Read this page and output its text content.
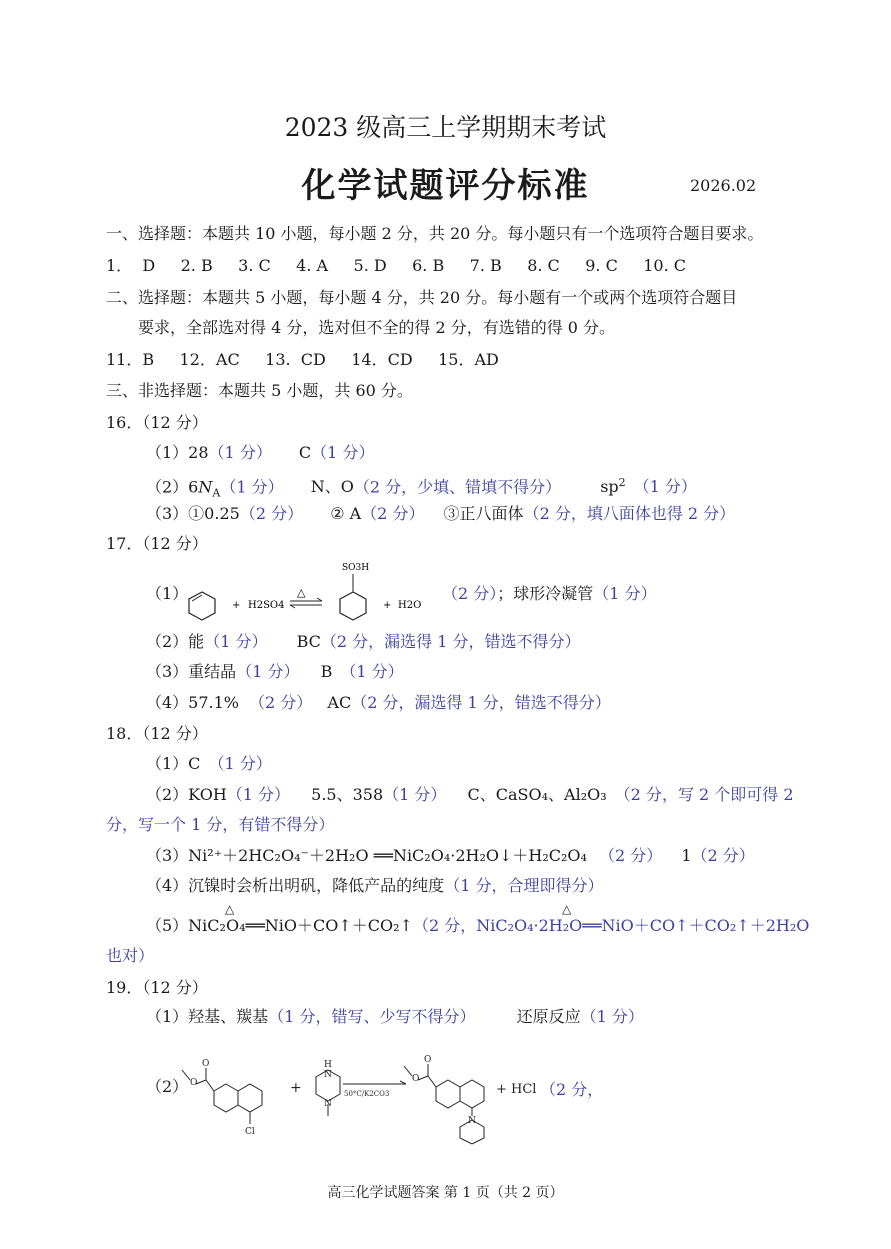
2023 级高三上学期期末考试
化学试题评分标准	2026.02
一、选择题：本题共 10 小题，每小题 2 分，共 20 分。每小题只有一个选项符合题目要求。
1．  D     2. B     3. C     4. A     5. D     6. B     7. B     8. C     9. C     10. C
二、选择题：本题共 5 小题，每小题 4 分，共 20 分。每小题有一个或两个选项符合题目
要求，全部选对得 4 分，选对但不全的得 2 分，有选错的得 0 分。
11．B     12．AC     13.  CD     14．CD     15．AD
三、非选择题：本题共 5 小题，共 60 分。
16．（12 分）
（1）28（1 分） C（1 分）
$(2)6N_A(1$ 分） N、O（2 分，少填、错填不得分） $sp^2$ （1 分）
（3）①0.25（2 分） ② A（2 分） ③正八面体（2 分，填八面体也得 2 分）
17．（12 分）
（1）
+ H2SO4
△
SO3H
+ H2O
（2 分）；球形冷凝管（1 分）
（2）能（1 分） BC（2 分，漏选得 1 分，错选不得分）
（3）重结晶（1 分） B （1 分）
（4）57.1% （2 分） AC（2 分，漏选得 1 分，错选不得分）
18．（12 分）
（1）C （1 分）
（2）KOH（1 分） 5.5、358（1 分） C、CaSO₄、Al₂O₃ （2 分，写 2 个即可得 2
分，写一个 1 分，有错不得分）
（3）Ni²⁺＋2HC₂O₄⁻＋2H₂O ══NiC₂O₄·2H₂O↓＋H₂C₂O₄ （2 分） 1（2 分）
（4）沉镍时会析出明矾，降低产品的纯度（1 分，合理即得分）
△	△
（5）NiC₂O₄══NiO＋CO↑＋CO₂↑（2 分，NiC₂O₄·2H₂O══NiO＋CO↑＋CO₂↑＋2H₂O
也对）
19．（12 分）
（1）羟基、羰基（1 分，错写、少写不得分）	还原反应（1 分）
（2） O
O
Cl
+
H
N
N
50°C/K2CO3
O
O
N
+ HCl （2 分，
高三化学试题答案 第 1 页（共 2 页）
